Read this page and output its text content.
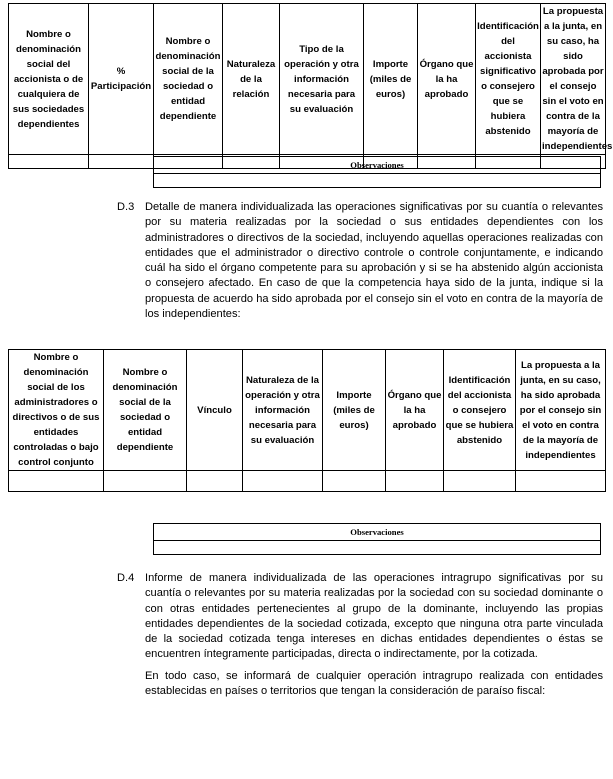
Nombre o denominación social del accionista o de cualquiera de sus sociedades dependientes	% Participación	Nombre o denominación social de la sociedad o entidad dependiente	Naturaleza de la relación	Tipo de la operación y otra información necesaria para su evaluación	Importe (miles de euros)	Órgano que la ha aprobado	Identificación del accionista significativo o consejero que se hubiera abstenido	La propuesta a la junta, en su caso, ha sido aprobada por el consejo sin el voto en contra de la mayoría de independientes

Observaciones

D.3 Detalle de manera individualizada las operaciones significativas por su cuantía o relevantes por su materia realizadas por la sociedad o sus entidades dependientes con los administradores o directivos de la sociedad, incluyendo aquellas operaciones realizadas con entidades que el administrador o directivo controle o controle conjuntamente, e indicando cuál ha sido el órgano competente para su aprobación y si se ha abstenido algún accionista o consejero afectado. En caso de que la competencia haya sido de la junta, indique si la propuesta de acuerdo ha sido aprobada por el consejo sin el voto en contra de la mayoría de los independientes:

Nombre o denominación social de los administradores o directivos o de sus entidades controladas o bajo control conjunto	Nombre o denominación social de la sociedad o entidad dependiente	Vínculo	Naturaleza de la operación y otra información necesaria para su evaluación	Importe (miles de euros)	Órgano que la ha aprobado	Identificación del accionista o consejero que se hubiera abstenido	La propuesta a la junta, en su caso, ha sido aprobada por el consejo sin el voto en contra de la mayoría de independientes

Observaciones

D.4 Informe de manera individualizada de las operaciones intragrupo significativas por su cuantía o relevantes por su materia realizadas por la sociedad con su sociedad dominante o con otras entidades pertenecientes al grupo de la dominante, incluyendo las propias entidades dependientes de la sociedad cotizada, excepto que ninguna otra parte vinculada de la sociedad cotizada tenga intereses en dichas entidades dependientes o éstas se encuentren íntegramente participadas, directa o indirectamente, por la cotizada.

En todo caso, se informará de cualquier operación intragrupo realizada con entidades establecidas en países o territorios que tengan la consideración de paraíso fiscal:
